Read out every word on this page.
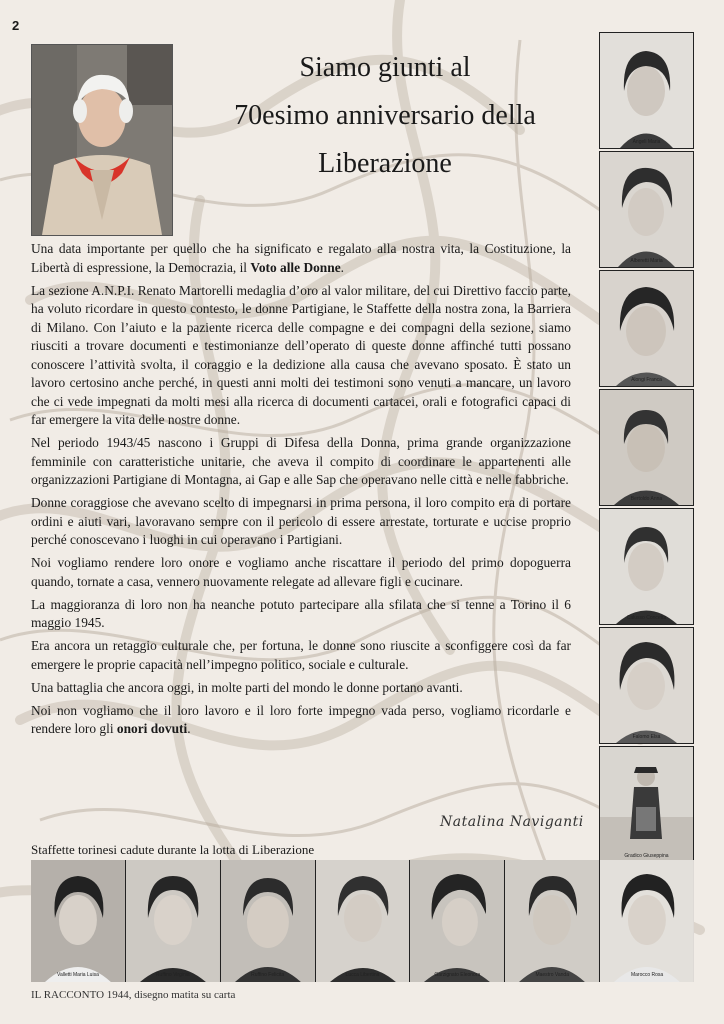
2
Siamo giunti al
70esimo anniversario della
Liberazione

Una data importante per quello che ha significato e regalato alla nostra vita, la Costituzione, la Libertà di espressione, la Democrazia, il Voto alle Donne.

La sezione A.N.P.I. Renato Martorelli medaglia d’oro al valor militare, del cui Direttivo faccio parte, ha voluto ricordare in questo contesto, le donne Partigiane, le Staffette della nostra zona, la Barriera di Milano. Con l’aiuto e la paziente ricerca delle compagne e dei compagni della sezione, siamo riusciti a trovare documenti e testimonianze dell’operato di queste donne affinché tutti possano conoscere l’attività svolta, il coraggio e la dedizione alla causa che avevano sposato. È stato un lavoro certosino anche perché, in questi anni molti dei testimoni sono venuti a mancare, un lavoro che ci vede impegnati da molti mesi alla ricerca di documenti cartacei, orali e fotografici capaci di far emergere la vita delle nostre donne.

Nel periodo 1943/45 nascono i Gruppi di Difesa della Donna, prima grande organizzazione femminile con caratteristiche unitarie, che aveva il compito di coordinare le appartenenti alle organizzazioni Partigiane di Montagna, ai Gap e alle Sap che operavano nelle città e nelle fabbriche.

Donne coraggiose che avevano scelto di impegnarsi in prima persona, il loro compito era di portare ordini e aiuti vari, lavoravano sempre con il pericolo di essere arrestate, torturate e uccise proprio perché conoscevano i luoghi in cui operavano i Partigiani.

Noi vogliamo rendere loro onore e vogliamo anche riscattare il periodo del primo dopoguerra quando, tornate a casa, vennero nuovamente relegate ad allevare figli e cucinare.

La maggioranza di loro non ha neanche potuto partecipare alla sfilata che si tenne a Torino il 6 maggio 1945.

Era ancora un retaggio culturale che, per fortuna, le donne sono riuscite a sconfiggere così da far emergere le proprie capacità nell’impegno politico, sociale e culturale.

Una battaglia che ancora oggi, in molte parti del mondo le donne portano avanti.

Noi non vogliamo che il loro lavoro e il loro forte impegno vada perso, vogliamo ricordarle e rendere loro gli onori dovuti.

Natalina Naviganti
Staffette torinesi cadute durante la lotta di Liberazione
Angeli Maria
Alberetti Maria
Alongi Franca
Bertoldo Anna
Calusso Concetta
Falomo Elsa
Gradico Giuseppina
Valletti Maria Luisa	Ruffino Virginia	Ruffino Felicita	Lucca Libertina	Garzignato Eleonora	Maestro Vanda	Marocco Rosa
IL RACCONTO 1944, disegno matita su carta
